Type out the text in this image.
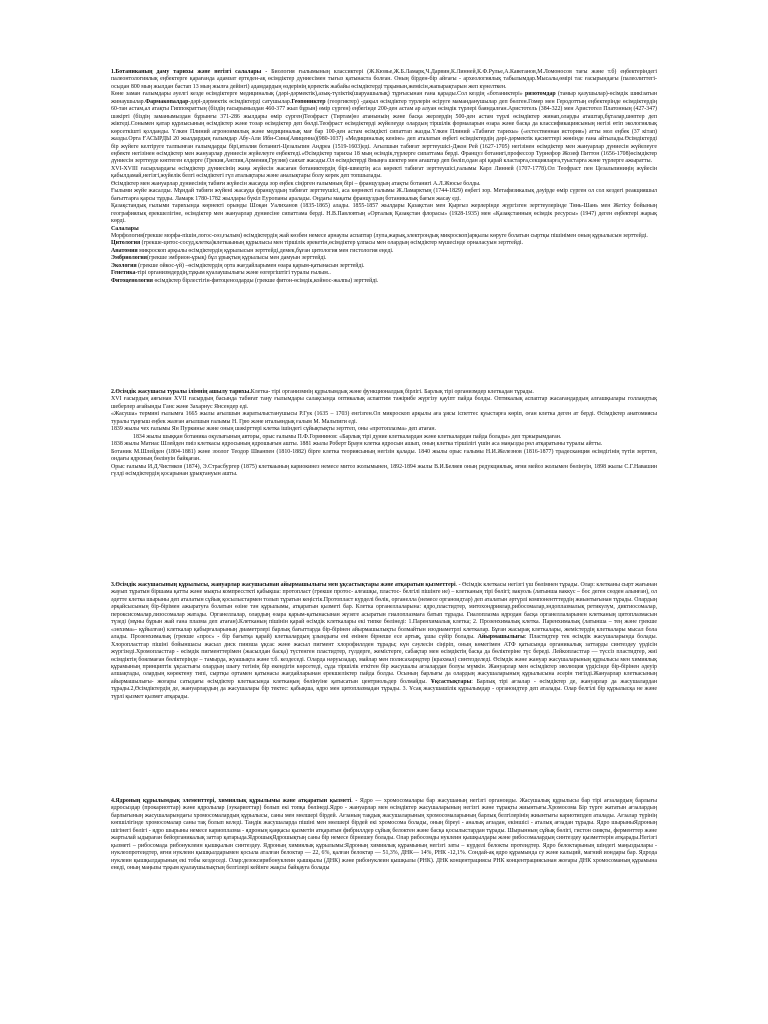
1.Ботаниканың даму тарихы және негізгі салалары - Биология ғылымының классиктері (Ж.Кювье,Ж.Б.Ламарк,Ч.Дарвин,К.Линней,К.Ф.Рулье,А.Кавеганов,М.Ломоносов тағы және т.б) еңбектеріндегі палеонтологиялық еңбектерге қарағанда адамзат ертеден-ақ өсімдіктер дүниесімен тығыз қатынаста болған. Оның бірден-бір айғағы - археологиялық табылымдар.Мысалы,өмірі тас ғасырындағы (палеолиттегі-осыдан 800 мың жылдан бастап 13 мың жылға дейінгі) адамдардың өздерінің қоректік жабайы өсімдіктерді тұқымын,жемісін,жапырақтарын жеп күнелткен.

Көне заман ғалымдары әуелгі кезде өсімдіктерге медициналық (дәрі-дәрмектік),азық-түліктік(шаруашылық) тұрғысынан ғана қарады.Сол кездің «ботаниктері» ризотомдар (тамыр қазушылар)-өсімдік шикізатын жинаушылар.Фармакопалдар-дәрі-дәрмектік өсімдіктерді сатушылар.Геопониктер (георгиктер) -дақыл өсімдіктер турлерін өсіруге маманданушылар деп бөлген.Гомер мен Геродоттың еңбектерінде өсімдіктердің 60-тан астам,ал атақты Гиппократтың (біздің ғасырымыздан 460-377 жыл бұрын) өмір сүрген) еңбегінде 200-ден астам ар алуан өсімдік түрлері баяндалған.Аристотель (384-322) мен Аристотел Платонның (427-347) шәкірті (біздің заманымыздан бұрынғы 371-286 жылдары өмір сүрген)Теофраст (Тиртам)өз атаныныің және басқа жерлердің 500-ден астам түрлі өсімдіктер жинап,оларды аташтар,бұталар,шөптер деп жіктеді.Сонымен қатар құрлысының өсімдіктер және тозар өсімдіктер деп бөлді.Теофраст өсімдіктерді жүйелеуде олардың тіршілік формаларын өзара және басқа да классификациясының негізі өтіп экологиялық көрсеткішті қолданды. Үлкен Плиний агроноимилық және медициналық мағ бар 100-ден астам өсімдікті сипаттап жазды.Үлкен Плиний «Табиғат тарихы» («естественная история») атты мол еңбек (37 кітап) жазды.Орта ҒАСЫРДЫ 20 жылдардың ғалымдар Абу-Али Ибн-Сина(Авиценна)(980-1037) «Медициналық кеніне» деп аталатын еңбегі өсімдіктердің дәрі-дәрмектік қасиеттері жөнінде ғана айтылады.Өсімдіктерді бір жүйеге келтіруге талпынған ғалымдарды бірі,италия ботанигі-Цезальпин Андреа (1519-1603)еді. Ағылшын табиғат зерттеушісі-Джон Рей (1627-1705) негізінен өсімдіктер мен жануарлар дүниесін жүйелеуге еңбекте негізінен өсімдіктер мен жануарлар дүниесін жүйелеуге еңбектеді.«Өсімдіктер тарихы 18 мың өсімдік,түрлерге сипаттама берді. Француз ботанигі,профессор Турнефор Жозеф Питтон (1656-1708)өсімдіктер дүниесін зерттеуде көптеген елдерге (Грекия,Англия,Армения,Грузия) саяхат жасады.Ол өсімдіктерді 8мыңға шектер мен ағаштар деп бөліп,одан арі қарай кластарға,секцияларға,туыстарға және түрлерге ажыратты.

XVI-XVIII ғасырлардағы өсімдіктер дүниесінің жаңа жүйесін жасаған ботаниктердің бірі-швецтің аса көректі табиғат зерттеушісі,ғалымы Карл Линней (1707-1778).Ол Теофраст пен Цезальпиниңің жүйесін қабылдамай,негізгі,жүйелік белгі өсімдіктегі гүл аталықтары және аналықтары болу керек деп топшылады.

Өсімдіктер мен жануарлар дүниесінің табиғи жүйесін жасауда зор еңбек сіңірген ғалымның бірі – француздың атақты ботанигі А.Л.Жюсье болды.

Ғылыми жүйе жасалды. Мұндай табиғи жүйені жасауда француздың табиғат зерттеушісі, аса көрнекті ғалымы Ж.Ламарктың (1744-1829) еңбегі зор. Метафизикалық дәуірде өмір сүрген ол сол кездегі реакцияшыл бағыттарға қарсы тұрды. Ламарк 1780-1782 жылдары бүкіл Еуропаны аралады. Оңдағы мақаты француздың ботаникалық бағын жасау еді.

Қазақстандық ғылыми тарихында көрнекті орынды Шоқан Уалиханов (1835-1865) алады. 1855-1857 жылдары Қазақстан мен Қырғыз жерлерінде жүргізген зерттеулерінде Тянь-Шань мен Жетісу бойының географиялық ерекшелігіне, өсімдіктер мен жануарлар дүниесіне сипаттама берді. Н.В.Павловтың «Орталық Қазақстан флорасы» (1928-1935) мен «Қазақстанның өсімдік ресурсы» (1947) деген еңбектері жарық көрді.

Салалары

Морфология(грекше морфа-пішін,логос-сөз,ғылым) өсімдіктердің жай көзбен немесе арнаулы аспаптар (лупа,жарық,электрондық микроскоп)арқылы көруге болатын сыртқы пішінімен оның құрылысын зерттейді.

Цитология (грекше-цитос-сосуд,клетка)клеткаының құрылысы мен тіршілік әрекетін,өсімдіктер ұлпасы мен олардың өсімдіктер мүшесінде орналасуын зерттейді.

Анатомия микроскоп арқылы өсімдіктердің құрылысын зерттейді,демек,бұған цитология мен гистология еңеді.

Эмбриология(грекше эмбрион-ұрық) бұл ұрықтың құрылысы мен дамуын зерттейді.

Экология (грекше ойкос-үй) –өсімдіктердің орта жағдайларымен өзара қарым-қатынасын зерттейді.

Генетика-тірі организмдердің,тұқым қуалаушылығы және өзгергіштігі туралы ғылым..

Фитоценология өсімдіктер бірлестігін-фитоценоздарды (грекше фитон-өсімдік,койнос-жалпы) зерттейді.

2.Өсімдік жасушасы туралы ілімнің ашылу тарихы.Клетка- тірі организмнің құрылымдық және функционалдық бірлігі. Барлық тірі организмдер клеткадан тұрады.

XVI ғасырдың аяғынан XVII ғасырдың басында табиғат таңу ғылымдары салақсында оптикалық аспаптим тәжірибе жүргізу қауіпт пайда болды. Оптикалық аспаптар жасағандардың алғашқылары голландтық шеберлер ағайынды Ганс және Захарнус Янсендер еді.

«Жасуша» термині ғылымға 1665 жылы ағылшын жаратылыстанушысы Р.Гук (1635 – 1703) енгізген.Ол микроскоп арқылы аға ұясы іспеттес қуыстарға көріп, оған клетка деген ат берді. Өсімдіктер анатомиясы туралы тұңғыш еңбек жазған ағылшын ғалымы Н. Грю және итальяндық ғалым М. Мальпиги еді.

1839 жылы чех ғалымы Ян Пуркинье және оның шәкірттері клетка ішіндегі сұйықтықты зерттеп, оны «протоплазма» деп атаған.

1834 жылы шыққан ботаника оқулығының авторы, орыс ғалымы П.Ф.Горянинов: «Барлық тірі дүние клеткалардан және клеткалардан пайда болады» деп тұжырымдаған.

1838 жылы Матиас Шлейден пиіз клеткасы ядросының ядрошығын ашты. 1881 жылы Роберт Браун клетка ядросын ашып, оның клетка тіршілігі үшін аса маңызды рөл атқаратыны туралы айтты.

Ботаник М.Шлейден (1804-1881) және зоолог Теодор Шванпен (1810-1882) бірге клетка теориясының негізін қалады. 1840 жылы орыс ғалымы Н.И.Железнов (1816-1877) традесканция өсімдігінің түтіи зерттеп, ондағы ядроның бөлінуін байқаған.

Орыс ғалымы И.Д.Чистяков (1874), Э.Страсбургер (1875) клеткаының кариокинез немесе митоз жолымынен, 1892-1894 жылы В.И.Беляев оның редукциялық, яғни мейоз жолымен бөлінуін, 1898 жылы С.Г.Навашин гүлді өсімдіктердің қосарынан ұрықтануын ашты.

3.Өсімдік жасушасының құрылысы, жануарлар жасушасынан айырмашылығы мен ұқсастықтары және атқаратын қызметтері. - Өсімдік клеткасы негізгі үш бөлімнен тұрады. Олар: клетканы сырт жағынан жауып тұратын біршама қатты және мықты компрессткті қабықша: протопласт (грекше протос- алғашқы, пластос- белгілі пішінге ие) – клетканың тірі бөлігі; вакуоль (латынша ваккус – бос деген сөзден алынған), ол әдетте клетка шырыны деп аталатын сұйық қосылыстармен толып тұратын кеңістік.Протопласт күрделі бөлік, органелла (немесе органоидтар) деп аталатын әртүрлі компонентттердің жиынтығынан тұрады. Олардың әрқайсысының бір-бірімен ажыратуға болатын өзіне тән құрылымы, атқаратын қызметі бар. Клетка органеллаларына: ядро,пластидтер, митохондриялар,рибосомалар,эндоплазмалық ретикулум, диктиосомалар, пероксисомалар,лизосомалар жатады. Органеллалар, олардың өзара қарым-қатынасынан жүзеге асыратын гиалоплазмаға батып тұрады. Гиалоплазма ядродан басқа органеллаларынен клетканың цитоплазмасын түзеді (мұны бұрын жай ғана плазма деп атаған).Клетканың пішінін қарай өсімдік клеткалары екі типке бөлінеді: 1.Паренхималық клетка; 2. Прозенхималық клетка. Паренхималық (латынша – тең және грекше «энхима»- құйылған) клеткалар қабырғаларының диаметрлері барлық бағыттарда бір-бірінен айырмашылықты болмайтын изодиаметрлі клеткалар. Бұған жасырақ клеткалары, жемістердің клеткалары мысал бола алады. Прозенхималық (грекше «прос» - бір бағытқа қарай) клеткалардың ұзындығы ені енінен бірнеше есе артық, ұшы сүйір болады. Айырмашылығы: Пластидтер тек өсімдік жасушаларында болады. Хлоропластгар пішіні бойыншасы жасыл диск пиязша ұқсас және жасыл пигмент хлорофиллден тұрады; күн сәулесін сіңіріп, оның көмегімен АТФ қатысында органикалық заттарды синтездеу үрдісін жүргізеді.Хромопластгар - өсімдік пигменттерімен (жасылдан басқа) түстенген пластидтер, гүлдерге, жемістерге, сабақтар мен өсімдіктің басқа да бөліктеріне түс береді. Лейкопластгар — түссіз пластидтер, жиі өсімдіктің боялмаған бөліктерінде – тамырда, жуашықта және т.б. кездеседі. Оларда нәруызадар, майлар мен полисахаридтер (крахмал) синтезделеді. Өсімдік және жануар жасушаларының құрылысы мен химиялық құрамының принциптік ұқсастығы олардың шығу тегінің бір екендігін көрсетеді, сұда тіршілік еткітен бір жасушалы ағзалардан болуы мүмкін. Жануарлар мен өсімдіктер эволюция үрдісінде бір-бірінен әдеуір алшақтады, олардың көректену типі, сыртқы ортамен қатынасы жағдайларынан ерекшеліктер пайда болды. Осының барлығы да олардың жасушаларының құрылысына әсерін тигізді.Жануарлар клеткасының айырмашылығы- жоғары сатыдағы өсімдіктер клеткасында клеткаңың бөлінуіне қатысатын центриольдер болмайды. Ұқсастықтары: Барлық тірі ағзалар - өсімдіктер де, жануарлар да жасушалардан тұрады.2,Өсімдіктердің де, жануарлардың да жасушалары бір тектес: қабықша, ядро мен цитоплазмадан тұрады. 3. Ұсақ жасушашілік құрылымдар - органоидтер деп аталады. Олар белгілі бір құрылысқа не және түрлі қызмет қызмет атқарады.

4.Ядроның құрылымдық элементтері, химиялық құрылымы және атқаратын қызметі. - Ядро — хромосомалары бар жасушаның негізгі органоиды. Жасушалық құрылысы бар тірі ағзалардың барлығы ядросыздар (прокариоттар) және ядролылар (эукариоттар) болып екі топқа бөлінеді.Ядро - жануарлар мен өсімдіктер жасушаларының негізгі және тұрақты жиынтығы.Хромосома Бір түрге жататын ағзалардың барлығының жасушаларындағы хромосомалардың құрылысы, саны мен мөлшері бірдей. Ағзаның тақдық жасушаларының хромосомаларының барлық белгілерінің жиынтығы кариотипдеп аталады. Ағзалар түрінің көпшілігінде хромосомалар саны тақ болып келеді. Таңдік жасушаларда пішіні мен мөлшері бірдей екі хромосома болады, оның біреуі - аналық ағзадан, екіншісі - аталық ағзадан тұрады. Ядро шырыныЯдроның шігінегі бөлігі - ядро шырыны немесе кариоплазма - ядроның қаңқасы қызметін атқаратын фибриллдер сұйық белоктен және басқа қосылыстардан тұрады. Шырынның сұйық бөлігі, гистон сияқты, ферменттер және жартылай ыдыраған бейорганикалық заттар қатарыда.ЯдрошықЯдрошықтың саны бір немесе бірнешеу болады. Олар рибосомды нуклеин қышқылдары және рибосомалардың синтездеу қызметтерін атқарады.Негізгі қызметі – рибосомада рибонуклеин қышқылын синтездеу. Ядроның химиялық құрылымы:Ядроның химиялық құрамының негізгі заты – күрделі белокты протеидтер. Ядро белоктарының шіндегі маңыздылары - нуклеопротеидтер, яғни нуклеин қышқылдарымен қосыла аталған белоктар — 22, 6%, қалған белоктар — 51,3%, ДНК— 14%, РНК -12,1%. Сондай-ақ ядро құрамында су және кальций, магний иондары бар. Ядрода нуклеин қышқылдарының екі тобы кездеседі. Олар:дезоксирибонуклеин қышқылы (ДНК) және рибонуклеин қышқылы (РНК). ДНК концентрациясы РНК концентрациясынан жоғары ДНК хромосоманың құрамына енеді, оның маңызы тұқым қуалаушылықтың белгілері кейінге жақсы байқауға болады
